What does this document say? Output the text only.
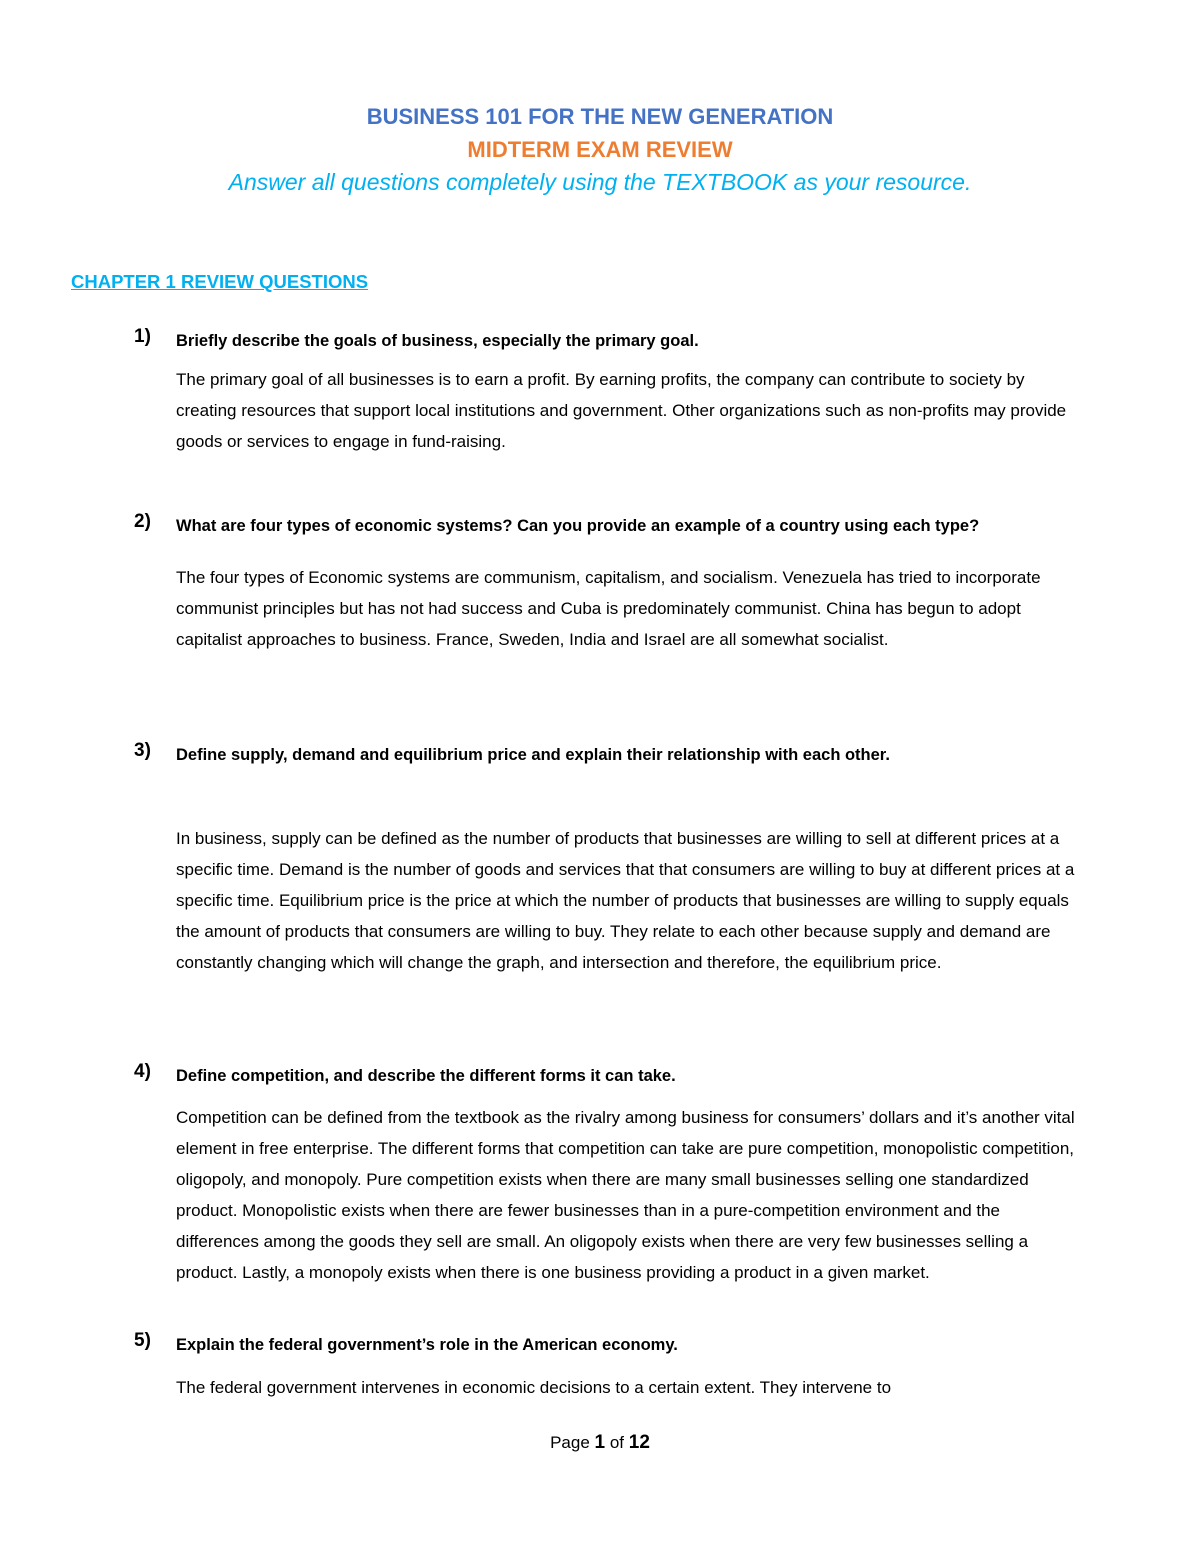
BUSINESS 101 FOR THE NEW GENERATION
MIDTERM EXAM REVIEW

Answer all questions completely using the TEXTBOOK as your resource.

CHAPTER 1 REVIEW QUESTIONS
1)	Briefly describe the goals of business, especially the primary goal.

The primary goal of all businesses is to earn a profit. By earning profits, the company can contribute to society by creating resources that support local institutions and government. Other organizations such as non-profits may provide goods or services to engage in fund-raising.

2)	What are four types of economic systems? Can you provide an example of a country using each type?

The four types of Economic systems are communism, capitalism, and socialism. Venezuela has tried to incorporate communist principles but has not had success and Cuba is predominately communist. China has begun to adopt capitalist approaches to business. France, Sweden, India and Israel are all somewhat socialist.

3)	Define supply, demand and equilibrium price and explain their relationship with each other.

In business, supply can be defined as the number of products that businesses are willing to sell at different prices at a specific time. Demand is the number of goods and services that that consumers are willing to buy at different prices at a specific time. Equilibrium price is the price at which the number of products that businesses are willing to supply equals the amount of products that consumers are willing to buy. They relate to each other because supply and demand are constantly changing which will change the graph, and intersection and therefore, the equilibrium price.

4)	Define competition, and describe the different forms it can take.

Competition can be defined from the textbook as the rivalry among business for consumers’ dollars and it’s another vital element in free enterprise. The different forms that competition can take are pure competition, monopolistic competition, oligopoly, and monopoly. Pure competition exists when there are many small businesses selling one standardized product. Monopolistic exists when there are fewer businesses than in a pure-competition environment and the differences among the goods they sell are small. An oligopoly exists when there are very few businesses selling a product. Lastly, a monopoly exists when there is one business providing a product in a given market.

5)	Explain the federal government’s role in the American economy.

The federal government intervenes in economic decisions to a certain extent. They intervene to

Page 1 of 12
